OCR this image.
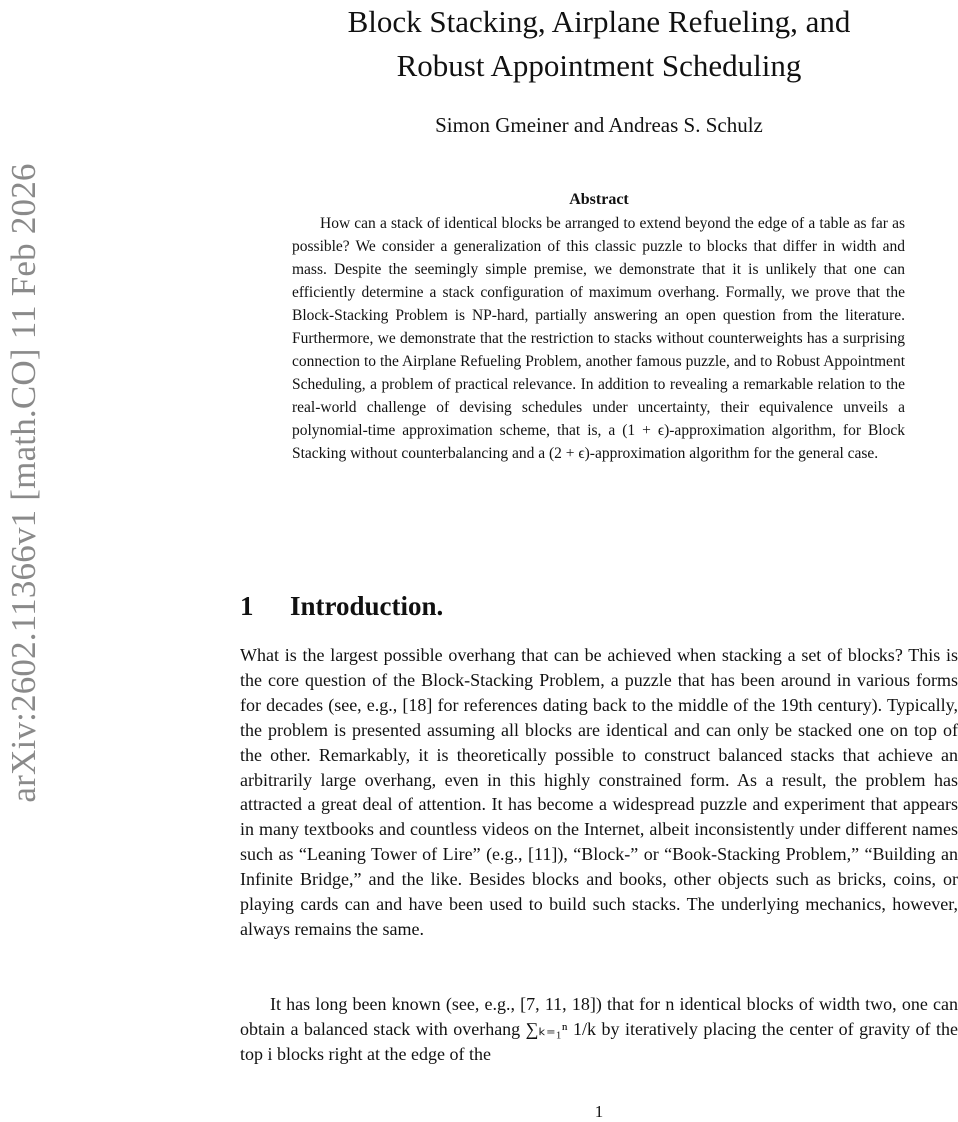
arXiv:2602.11366v1 [math.CO] 11 Feb 2026
Block Stacking, Airplane Refueling, and
Robust Appointment Scheduling
Simon Gmeiner and Andreas S. Schulz
Abstract

How can a stack of identical blocks be arranged to extend beyond the edge of a table as far as possible? We consider a generalization of this classic puzzle to blocks that differ in width and mass. Despite the seemingly simple premise, we demonstrate that it is unlikely that one can efficiently determine a stack configuration of maximum overhang. Formally, we prove that the Block-Stacking Problem is NP-hard, partially answering an open question from the literature. Furthermore, we demonstrate that the restriction to stacks without counterweights has a surprising connection to the Airplane Refueling Problem, another famous puzzle, and to Robust Appointment Scheduling, a problem of practical relevance. In addition to revealing a remarkable relation to the real-world challenge of devising schedules under uncertainty, their equivalence unveils a polynomial-time approximation scheme, that is, a (1 + ϵ)-approximation algorithm, for Block Stacking without counterbalancing and a (2 + ϵ)-approximation algorithm for the general case.

1 Introduction.

What is the largest possible overhang that can be achieved when stacking a set of blocks? This is the core question of the Block-Stacking Problem, a puzzle that has been around in various forms for decades (see, e.g., [18] for references dating back to the middle of the 19th century). Typically, the problem is presented assuming all blocks are identical and can only be stacked one on top of the other. Remarkably, it is theoretically possible to construct balanced stacks that achieve an arbitrarily large overhang, even in this highly constrained form. As a result, the problem has attracted a great deal of attention. It has become a widespread puzzle and experiment that appears in many textbooks and countless videos on the Internet, albeit inconsistently under different names such as “Leaning Tower of Lire” (e.g., [11]), “Block-” or “Book-Stacking Problem,” “Building an Infinite Bridge,” and the like. Besides blocks and books, other objects such as bricks, coins, or playing cards can and have been used to build such stacks. The underlying mechanics, however, always remains the same.

It has long been known (see, e.g., [7, 11, 18]) that for n identical blocks of width two, one can obtain a balanced stack with overhang ∑ₖ₌₁ⁿ 1/k by iteratively placing the center of gravity of the top i blocks right at the edge of the

1
